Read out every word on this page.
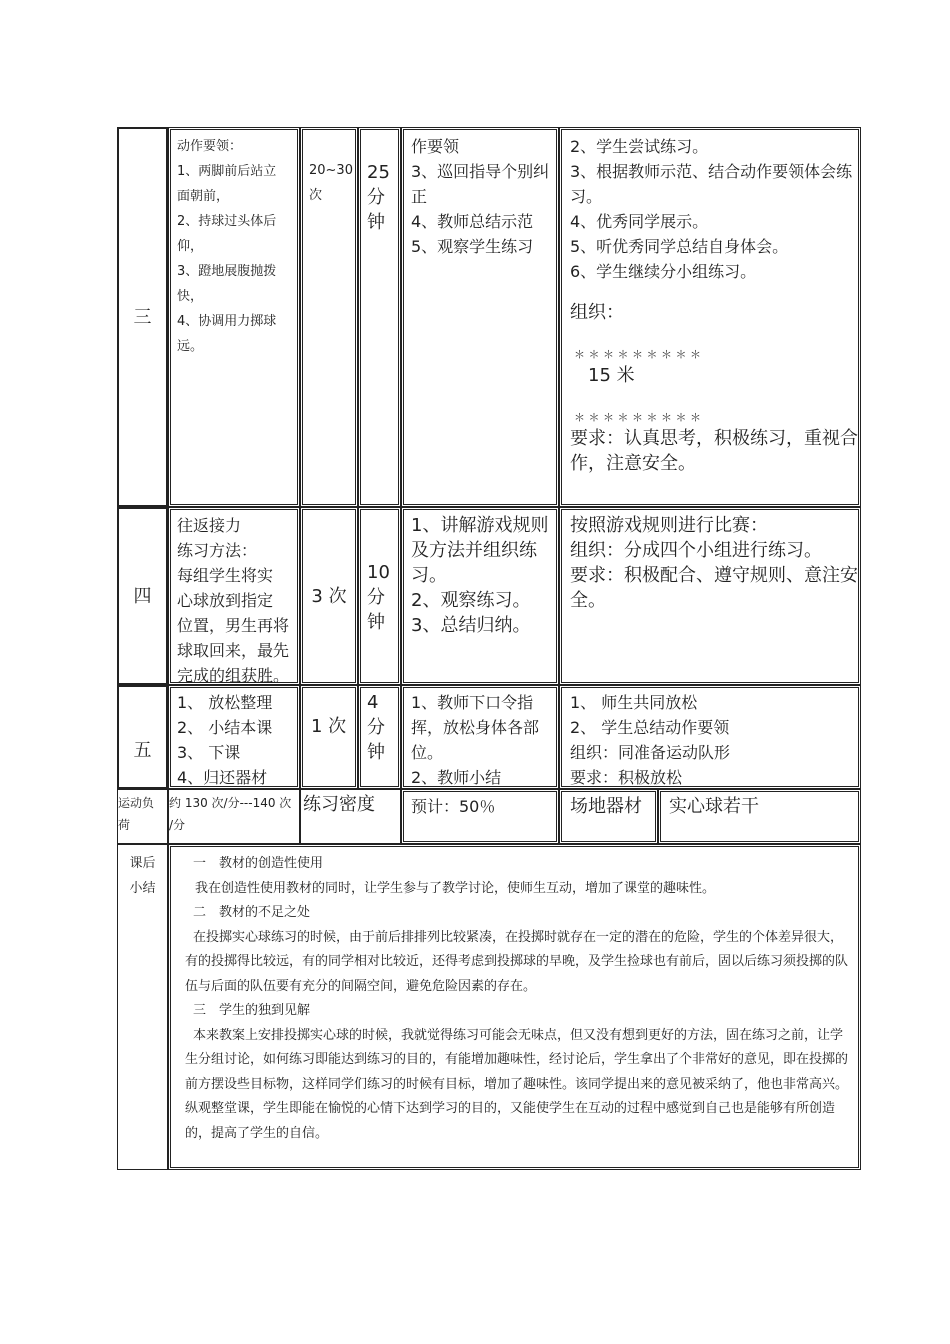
三
动作要领：
1、两脚前后站立
面朝前，
2、持球过头体后
仰，
3、蹬地展腹抛拨
快，
4、协调用力掷球
远。
20~30
次
25
分
钟
作要领
3、巡回指导个别纠
正
4、教师总结示范
5、观察学生练习
2、学生尝试练习。
3、根据教师示范、结合动作要领体会练
习。
4、优秀同学展示。
5、听优秀同学总结自身体会。
6、学生继续分小组练习。
组织：
＊ ＊ ＊ ＊ ＊ ＊ ＊ ＊ ＊
15 米
＊ ＊ ＊ ＊ ＊ ＊ ＊ ＊ ＊
要求：认真思考，积极练习，重视合
作，注意安全。
四
往返接力
练习方法：
每组学生将实
心球放到指定
位置，男生再将
球取回来，最先
完成的组获胜。
3 次
10
分
钟
1、讲解游戏规则
及方法并组织练
习。
2、观察练习。
3、总结归纳。
按照游戏规则进行比赛：
组织：分成四个小组进行练习。
要求：积极配合、遵守规则、意注安
全。
五
1、 放松整理
2、 小结本课
3、 下课
4、归还器材
1 次
4
分
钟
1、教师下口令指
挥，放松身体各部
位。
2、教师小结
1、 师生共同放松
2、 学生总结动作要领
组织：同准备运动队形
要求：积极放松
运动负
荷
约 130 次/分---140 次
/分
练习密度	预计：50％	场地器材 实心球若干
课后
小结
一　教材的创造性使用
我在创造性使用教材的同时，让学生参与了教学讨论，使师生互动，增加了课堂的趣味性。
二　教材的不足之处
在投掷实心球练习的时候，由于前后排排列比较紧凑，在投掷时就存在一定的潜在的危险，学生的个体差异很大，有的投掷得比较远，有的同学相对比较近，还得考虑到投掷球的早晚，及学生捡球也有前后，固以后练习须投掷的队伍与后面的队伍要有充分的间隔空间，避免危险因素的存在。
三　学生的独到见解
本来教案上安排投掷实心球的时候，我就觉得练习可能会无味点，但又没有想到更好的方法，固在练习之前，让学生分组讨论，如何练习即能达到练习的目的，有能增加趣味性，经讨论后，学生拿出了个非常好的意见，即在投掷的前方摆设些目标物，这样同学们练习的时候有目标，增加了趣味性。该同学提出来的意见被采纳了，他也非常高兴。
纵观整堂课，学生即能在愉悦的心情下达到学习的目的，又能使学生在互动的过程中感觉到自己也是能够有所创造的，提高了学生的自信。
